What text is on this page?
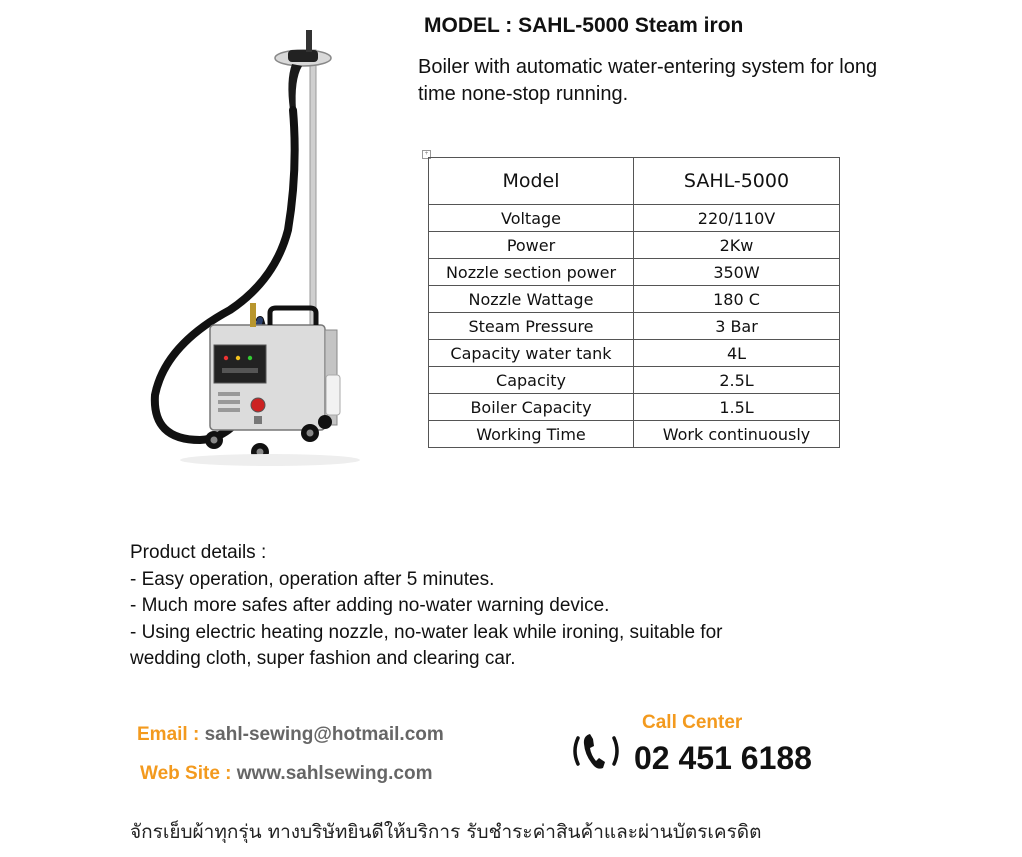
MODEL : SAHL-5000 Steam iron
Boiler with automatic water-entering system for long time none-stop running.
+
Model	SAHL-5000
Voltage	220/110V
Power	2Kw
Nozzle section power	350W
Nozzle Wattage	180 C
Steam Pressure	3 Bar
Capacity water tank	4L
Capacity	2.5L
Boiler Capacity	1.5L
Working Time	Work continuously
Product details :
- Easy operation, operation after 5 minutes.
- Much more safes after adding no-water warning device.
- Using electric heating nozzle, no-water leak while ironing, suitable for
wedding cloth, super fashion and clearing car.
Email : sahl-sewing@hotmail.com
Web Site : www.sahlsewing.com
Call Center
02 451 6188
จักรเย็บผ้าทุกรุ่น ทางบริษัทยินดีให้บริการ รับชำระค่าสินค้าและผ่านบัตรเครดิต
